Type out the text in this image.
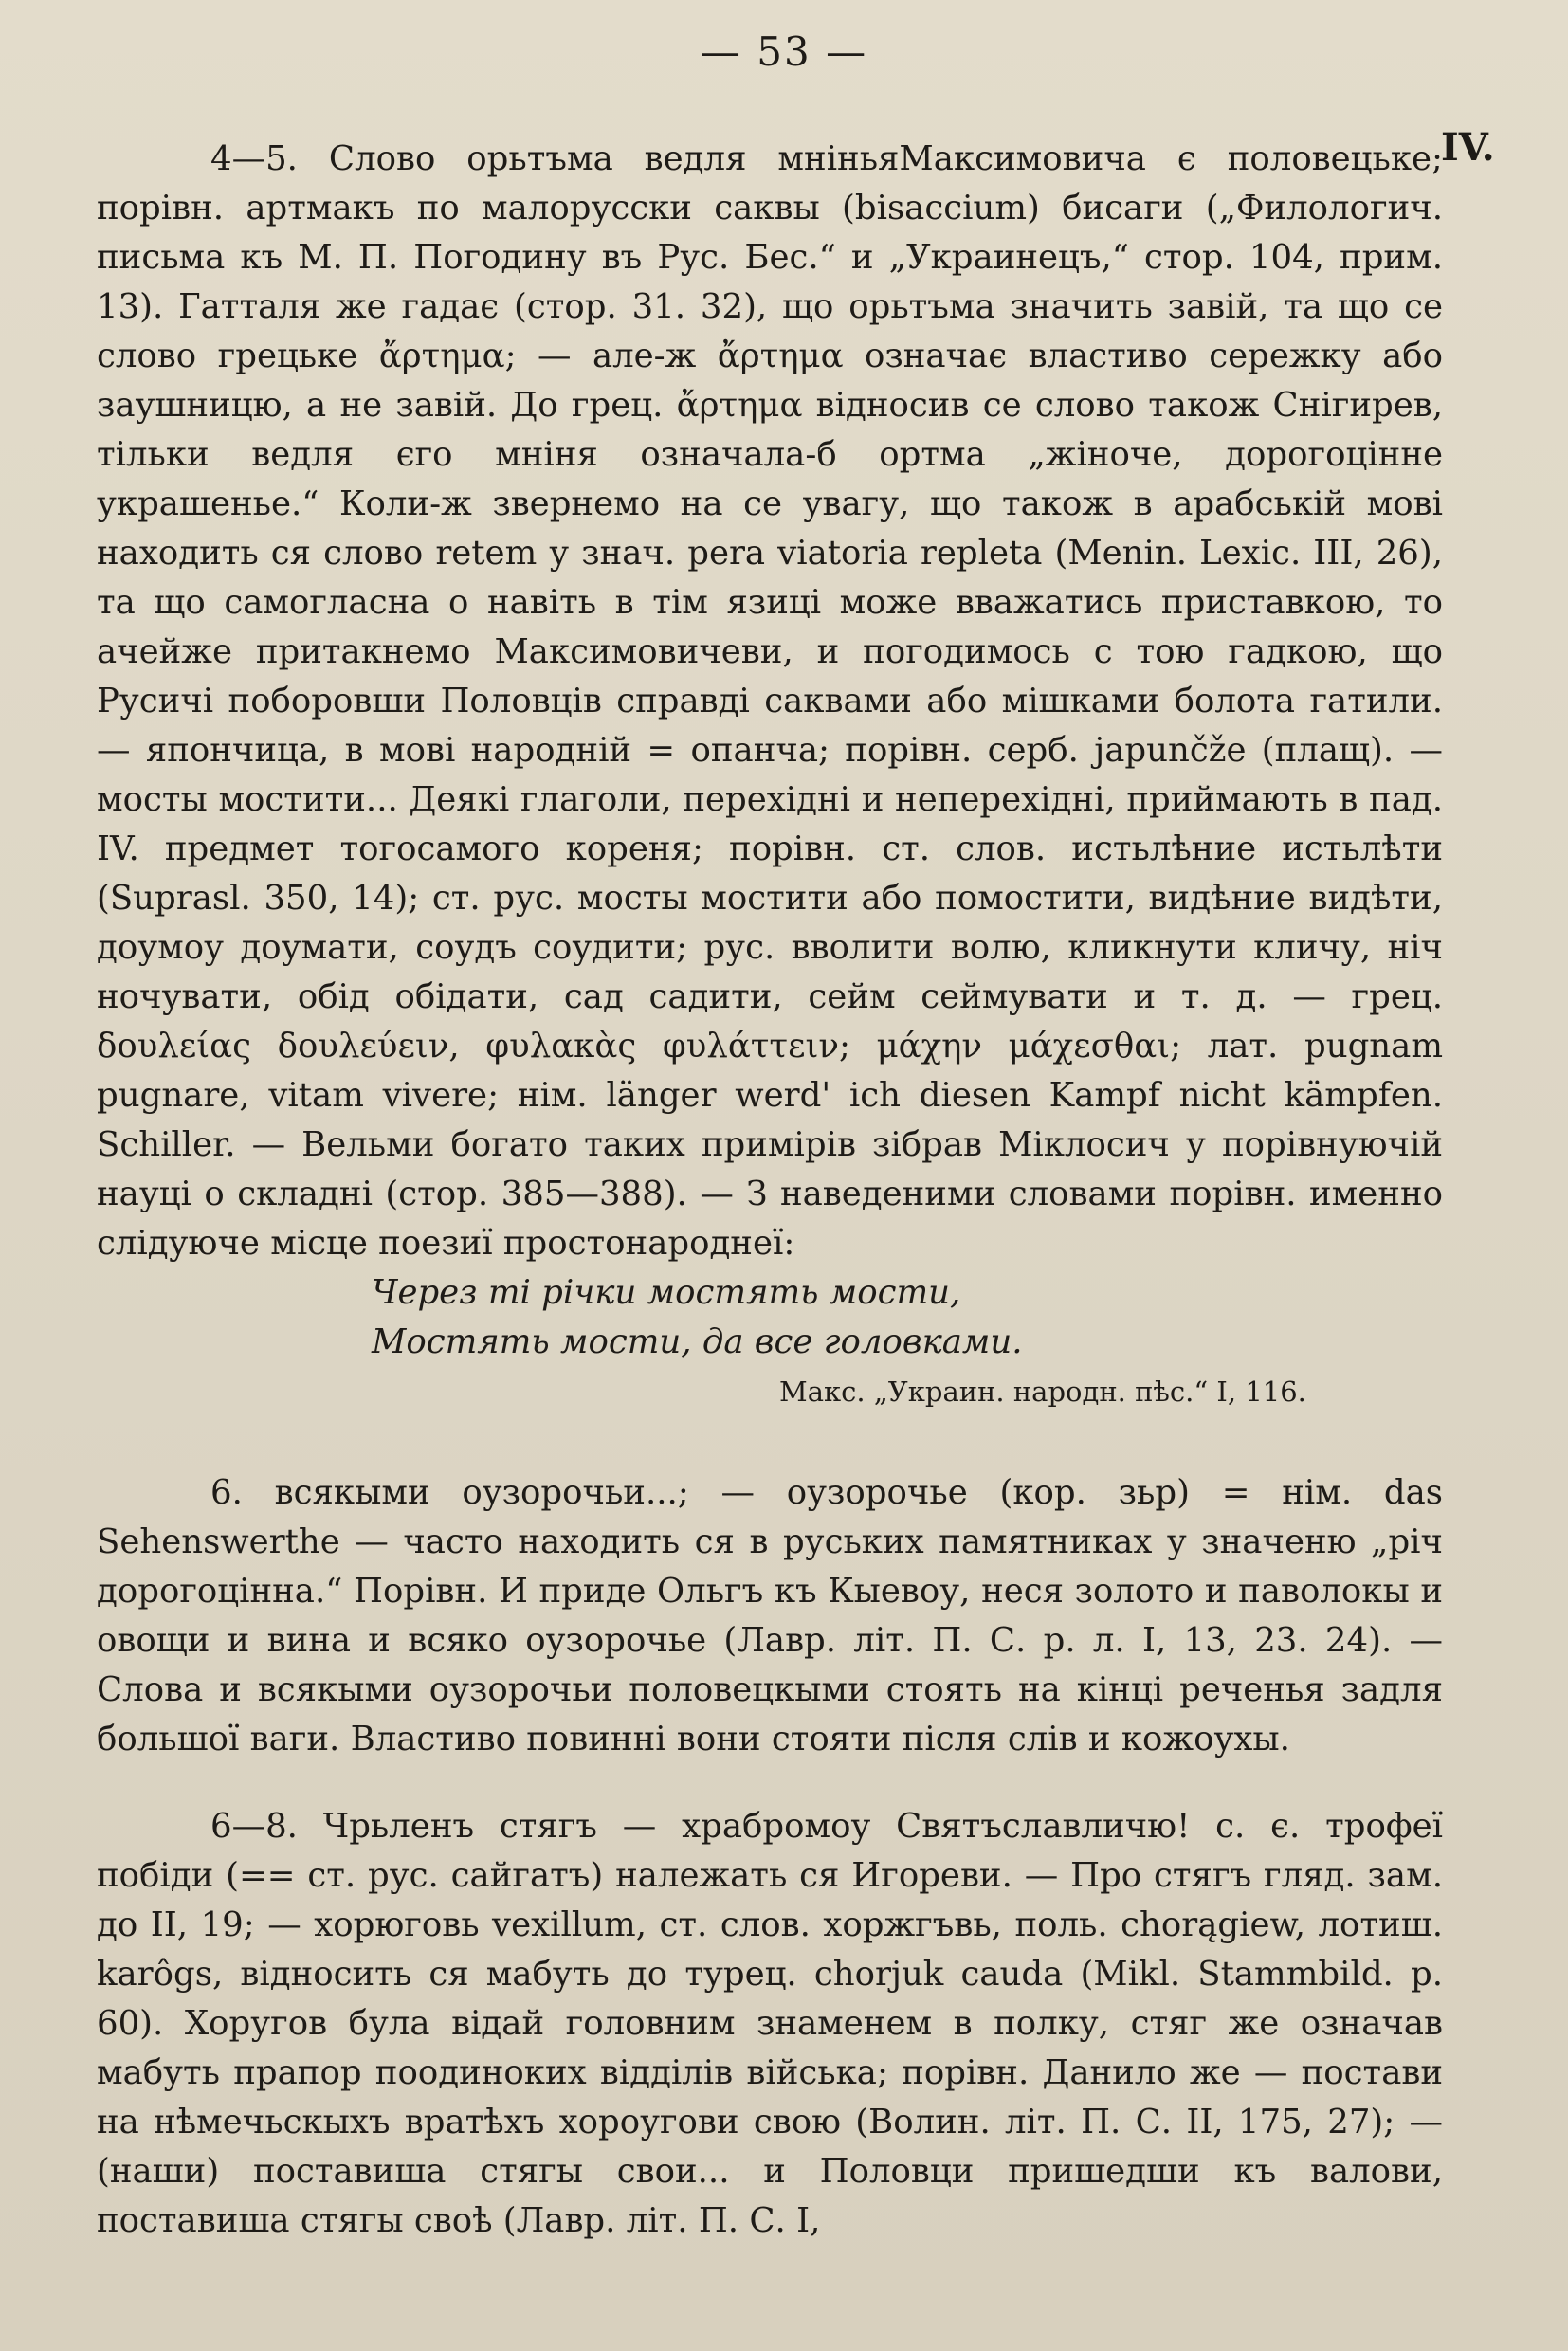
— 53 —
IV.

4—5. Слово орьтъма ведля мніньяМаксимовича є половецьке; порівн. артмакъ по малорусски саквы (bisaccium) бисаги („Филологич. письма къ М. П. Погодину въ Рус. Бес.“ и „Украинецъ,“ стор. 104, прим. 13). Гатталя же гадає (стор. 31. 32), що орьтъма значить завій, та що се слово грецьке ἄρτημα; — але-ж ἄρτημα означає властиво сережку або заушницю, а не завій. До грец. ἄρτημα відносив се слово також Снігирев, тільки ведля єго мніня означала-б ортма „жіноче, дорогоцінне украшенье.“ Коли-ж звернемо на се увагу, що також в арабській мові находить ся слово retem у знач. pera viatoria repleta (Menin. Lexic. III, 26), та що самогласна о навіть в тім язиці може вважатись приставкою, то ачейже притакнемо Максимовичеви, и погодимось с тою гадкою, що Русичі поборовши Половців справді саквами або мішками болота гатили. — япончица, в мові народній = опанча; порівн. серб. japunčže (плащ). — мосты мостити... Деякі глаголи, перехідні и неперехідні, приймають в пад. IV. предмет тогосамого кореня; порівн. ст. слов. истьлѣние истьлѣти (Suprasl. 350, 14); ст. рус. мосты мостити або помостити, видѣние видѣти, доумоу доумати, соудъ соудити; рус. вволити волю, кликнути кличу, ніч ночувати, обід обідати, сад садити, сейм сеймувати и т. д. — грец. δουλείας δουλεύειν, φυλακὰς φυλάττειν; μάχην μάχεσθαι; лат. pugnam pugnare, vitam vivere; нім. länger werd' ich diesen Kampf nicht kämpfen. Schiller. — Вельми богато таких примірів зібрав Міклосич у порівнуючій науці о складні (стор. 385—388). — З наведеними словами порівн. именно слідуюче місце поезиї простонароднеї:

Через ті річки мостять мости,
Мостять мости, да все головками.
Макс. „Украин. народн. пѣс.“ I, 116.

6. всякыми оузорочьи...; — оузорочье (кор. зьр) = нім. das Sehenswerthe — часто находить ся в руських памятниках у значеню „річ дорогоцінна.“ Порівн. И приде Ольгъ къ Кыевоу, неся золото и паволокы и овощи и вина и всяко оузорочье (Лавр. літ. П. С. р. л. I, 13, 23. 24). — Слова и всякыми оузорочьи половецкыми стоять на кінці реченья задля большої ваги. Властиво повинні вони стояти після слів и кожоухы.

6—8. Чрьленъ стягъ — храбромоу Святъславличю! с. є. трофеї побіди (== ст. рус. сайгатъ) належать ся Игореви. — Про стягъ гляд. зам. до II, 19; — хорюговь vexillum, ст. слов. хоржгъвь, поль. chorągiew, лотиш. karôgs, відносить ся мабуть до турец. chorjuk cauda (Mikl. Stammbild. p. 60). Хоругов була відай головним знаменем в полку, стяг же означав мабуть прапор поодиноких відділів війська; порівн. Данило же — постави на нѣмечьскыхъ вратѣхъ хороугови свою (Волин. літ. П. С. II, 175, 27); — (наши) поставиша стягы свои... и Половци пришедши къ валови, поставиша стягы своѣ (Лавр. літ. П. С. I,
